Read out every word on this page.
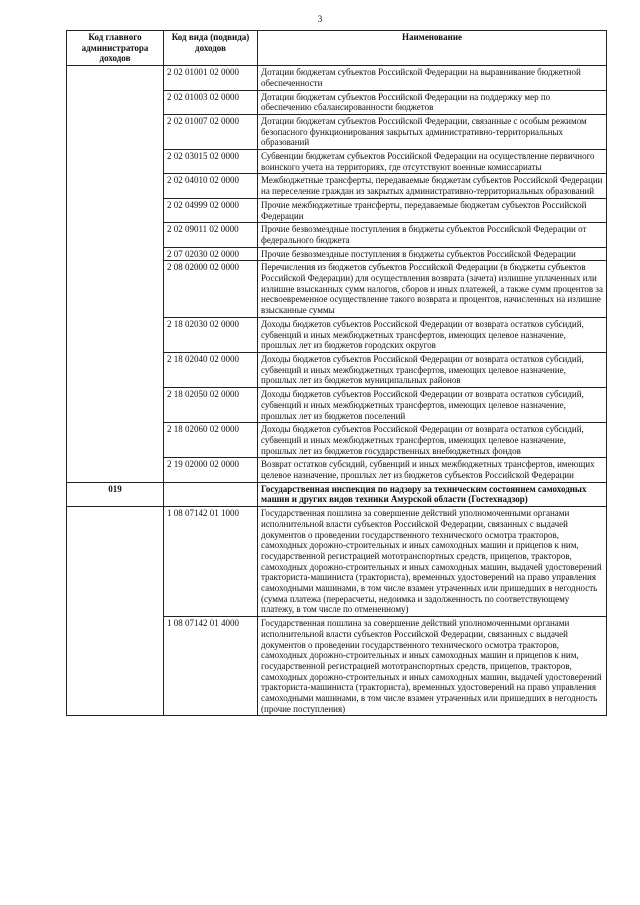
3
Код главного администратора доходов	Код вида (подвида) доходов	Наименование
	2 02 01001 02 0000	Дотации бюджетам субъектов Российской Федерации на выравнивание бюджетной обеспеченности
	2 02 01003 02 0000	Дотации бюджетам субъектов Российской Федерации на поддержку мер по обеспечению сбалансированности бюджетов
	2 02 01007 02 0000	Дотации бюджетам субъектов Российской Федерации, связанные с особым режимом безопасного функционирования закрытых административно-территориальных образований
	2 02 03015 02 0000	Субвенции бюджетам субъектов Российской Федерации на осуществление первичного воинского учета на территориях, где отсутствуют военные комиссариаты
	2 02 04010 02 0000	Межбюджетные трансферты, передаваемые бюджетам субъектов Российской Федерации на переселение граждан из закрытых административно-территориальных образований
	2 02 04999 02 0000	Прочие межбюджетные трансферты, передаваемые бюджетам субъектов Российской Федерации
	2 02 09011 02 0000	Прочие безвозмездные поступления в бюджеты субъектов Российской Федерации от федерального бюджета
	2 07 02030 02 0000	Прочие безвозмездные поступления в бюджеты субъектов Российской Федерации
	2 08 02000 02 0000	Перечисления из бюджетов субъектов Российской Федерации (в бюджеты субъектов Российской Федерации) для осуществления возврата (зачета) излишне уплаченных или излишне взысканных сумм налогов, сборов и иных платежей, а также сумм процентов за несвоевременное осуществление такого возврата и процентов, начисленных на излишне взысканные суммы
	2 18 02030 02 0000	Доходы бюджетов субъектов Российской Федерации от возврата остатков субсидий, субвенций и иных межбюджетных трансфертов, имеющих целевое назначение, прошлых лет из бюджетов городских округов
	2 18 02040 02 0000	Доходы бюджетов субъектов Российской Федерации от возврата остатков субсидий, субвенций и иных межбюджетных трансфертов, имеющих целевое назначение, прошлых лет из бюджетов муниципальных районов
	2 18 02050 02 0000	Доходы бюджетов субъектов Российской Федерации от возврата остатков субсидий, субвенций и иных межбюджетных трансфертов, имеющих целевое назначение, прошлых лет из бюджетов поселений
	2 18 02060 02 0000	Доходы бюджетов субъектов Российской Федерации от возврата остатков субсидий, субвенций и иных межбюджетных трансфертов, имеющих целевое назначение, прошлых лет из бюджетов государственных внебюджетных фондов
	2 19 02000 02 0000	Возврат остатков субсидий, субвенций и иных межбюджетных трансфертов, имеющих целевое назначение, прошлых лет из бюджетов субъектов Российской Федерации
019		Государственная инспекция по надзору за техническим состоянием самоходных машин и других видов техники Амурской области (Гостехнадзор)
	1 08 07142 01 1000	Государственная пошлина за совершение действий уполномоченными органами исполнительной власти субъектов Российской Федерации, связанных с выдачей документов о проведении государственного технического осмотра тракторов, самоходных дорожно-строительных и иных самоходных машин и прицепов к ним, государственной регистрацией мототранспортных средств, прицепов, тракторов, самоходных дорожно-строительных и иных самоходных машин, выдачей удостоверений тракториста-машиниста (тракториста), временных удостоверений на право управления самоходными машинами, в том числе взамен утраченных или пришедших в негодность (сумма платежа (перерасчеты, недоимка и задолженность по соответствующему платежу, в том числе по отмененному)
	1 08 07142 01 4000	Государственная пошлина за совершение действий уполномоченными органами исполнительной власти субъектов Российской Федерации, связанных с выдачей документов о проведении государственного технического осмотра тракторов, самоходных дорожно-строительных и иных самоходных машин и прицепов к ним, государственной регистрацией мототранспортных средств, прицепов, тракторов, самоходных дорожно-строительных и иных самоходных машин, выдачей удостоверений тракториста-машиниста (тракториста), временных удостоверений на право управления самоходными машинами, в том числе взамен утраченных или пришедших в негодность (прочие поступления)
